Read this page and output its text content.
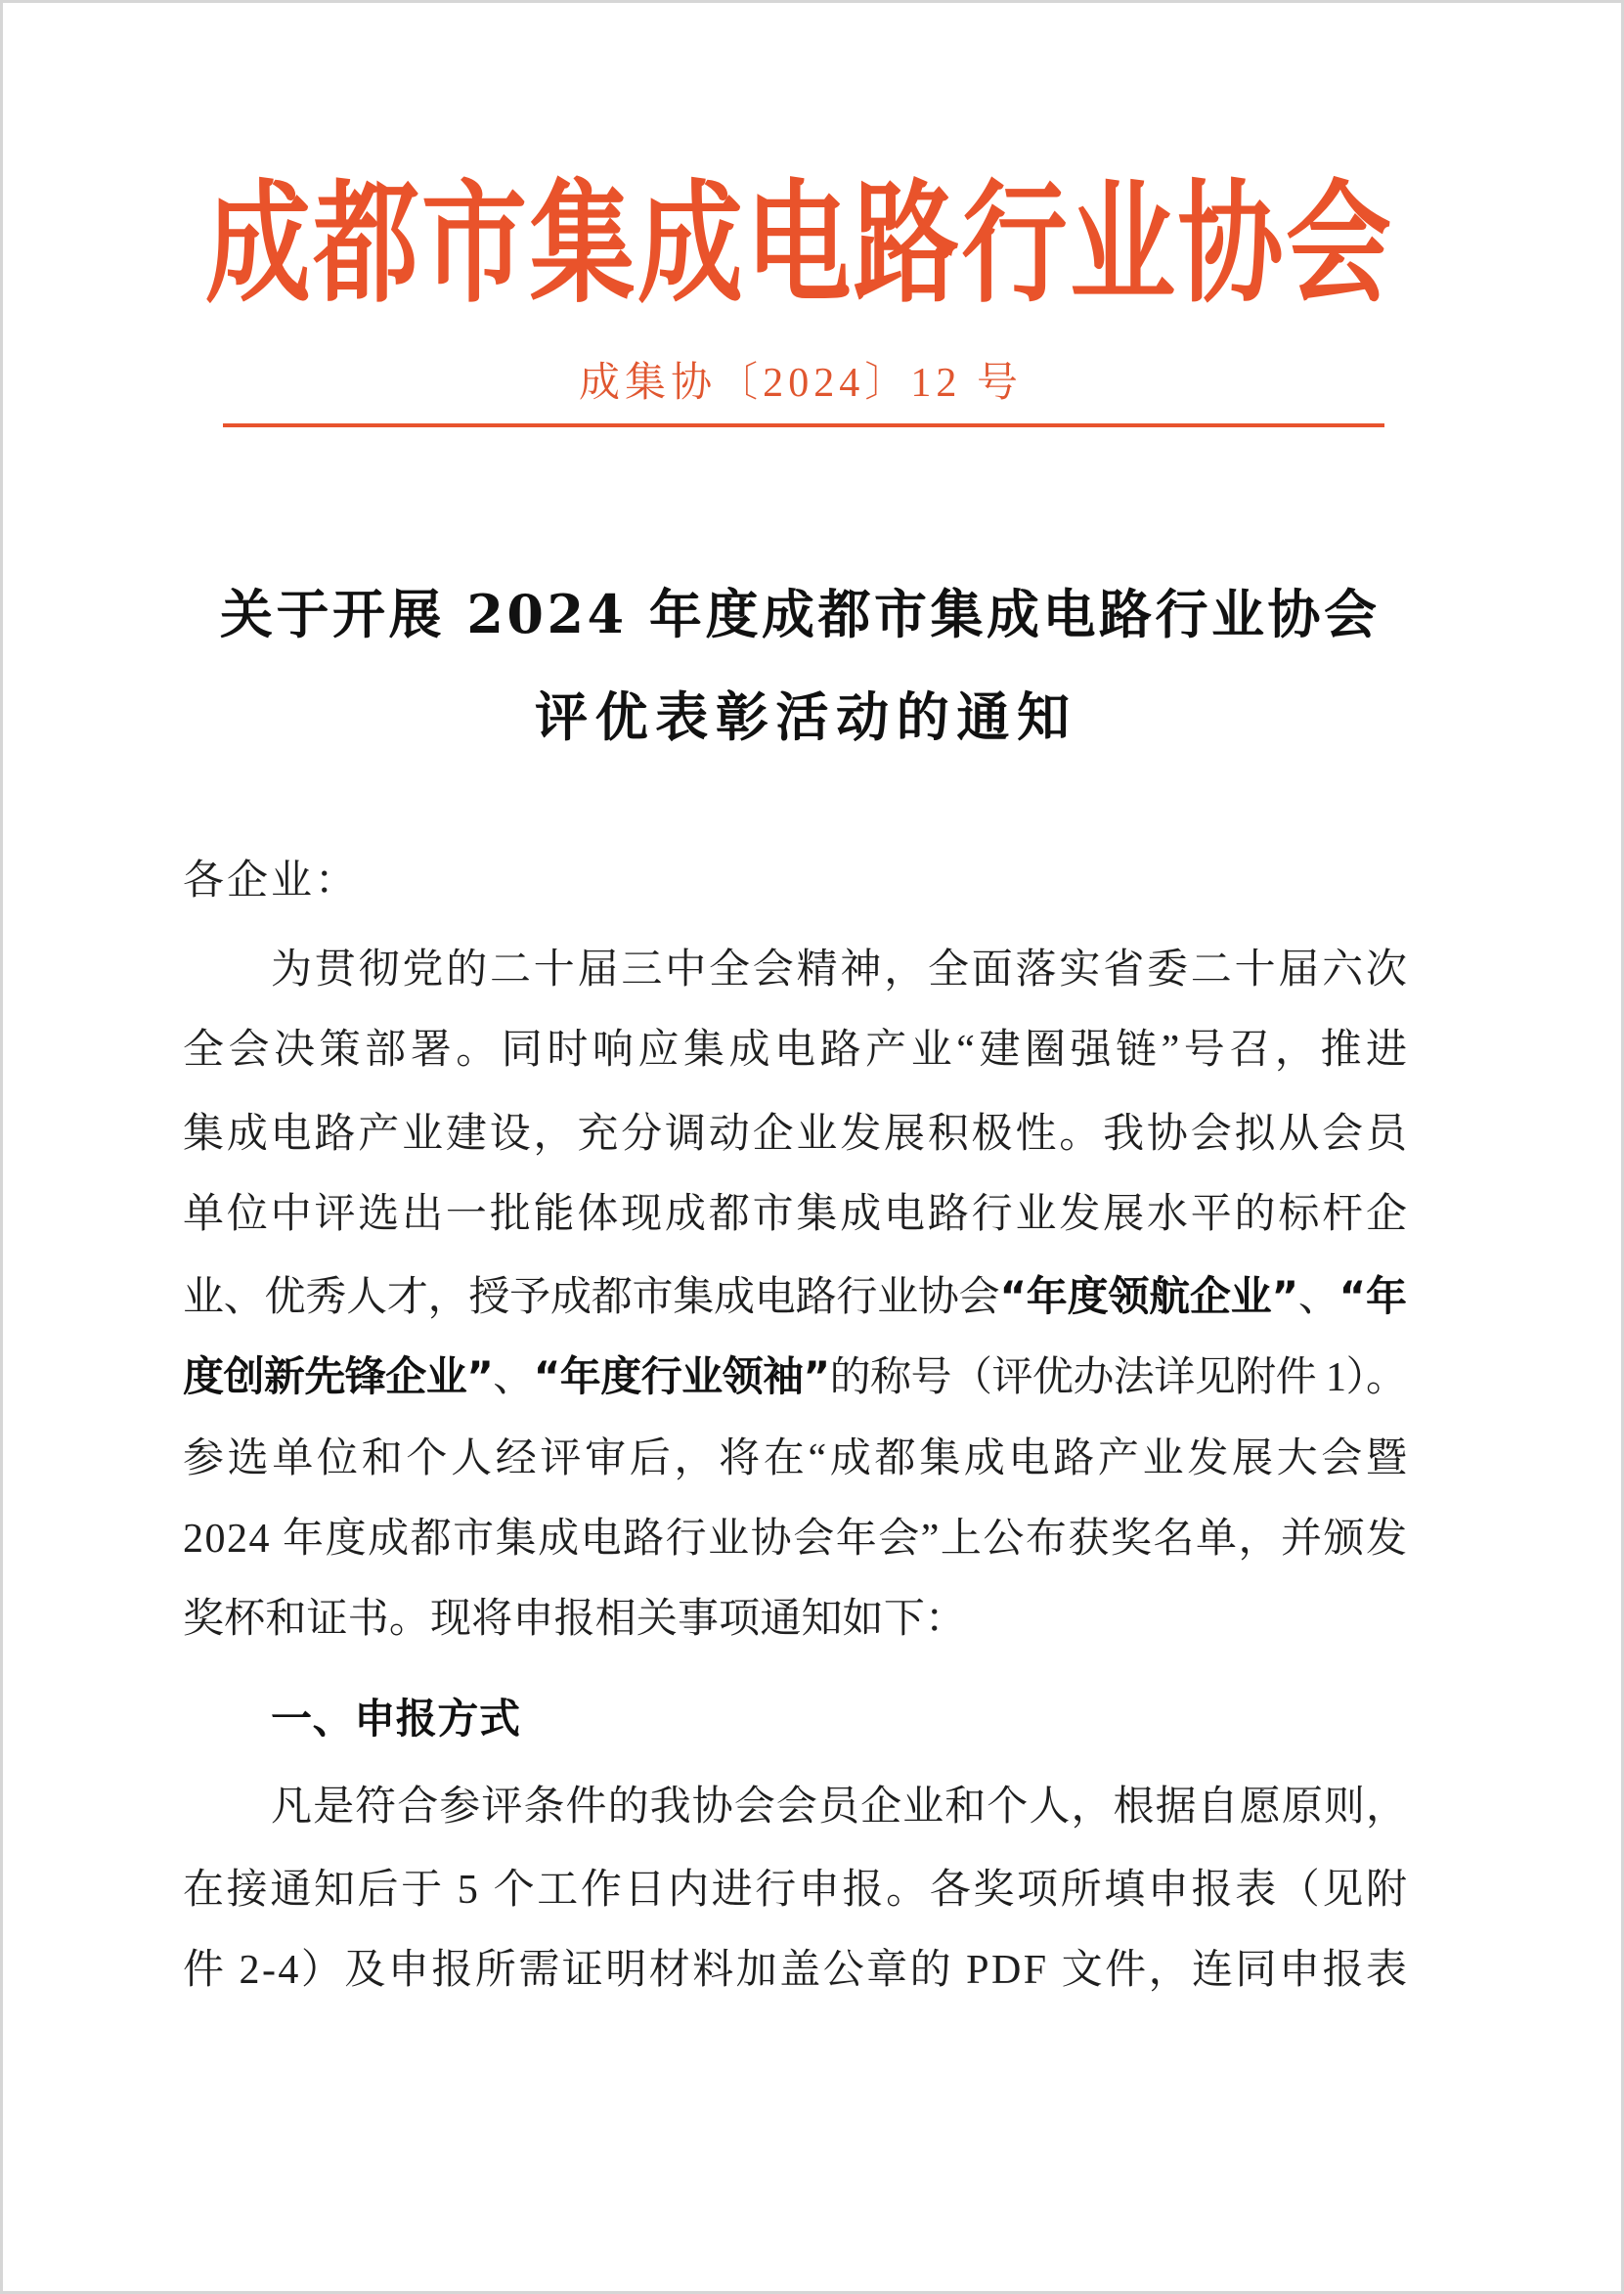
成都市集成电路行业协会
成集协〔2024〕12 号
关于开展 2024 年度成都市集成电路行业协会
评优表彰活动的通知
各企业：
为贯彻党的二十届三中全会精神，全面落实省委二十届六次
全会决策部署。同时响应集成电路产业“建圈强链”号召，推进
集成电路产业建设，充分调动企业发展积极性。我协会拟从会员
单位中评选出一批能体现成都市集成电路行业发展水平的标杆企
业、优秀人才，授予成都市集成电路行业协会“年度领航企业”、“年
度创新先锋企业”、“年度行业领袖”的称号（评优办法详见附件 1）。
参选单位和个人经评审后，将在“成都集成电路产业发展大会暨
2024 年度成都市集成电路行业协会年会”上公布获奖名单，并颁发
奖杯和证书。现将申报相关事项通知如下：
一、申报方式
凡是符合参评条件的我协会会员企业和个人，根据自愿原则，
在接通知后于 5 个工作日内进行申报。各奖项所填申报表（见附
件 2-4）及申报所需证明材料加盖公章的 PDF 文件，连同申报表
